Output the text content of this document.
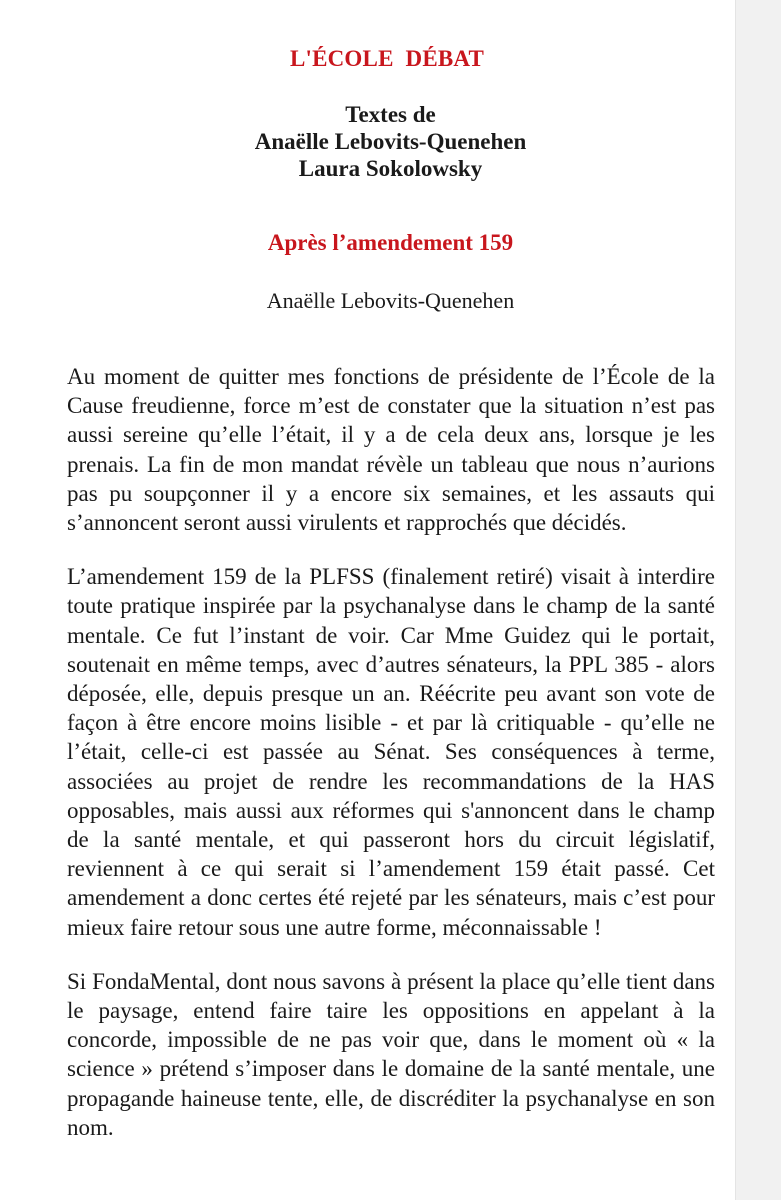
L'ÉCOLE  DÉBAT
Textes de
Anaëlle Lebovits-Quenehen
Laura Sokolowsky
Après l’amendement 159
Anaëlle Lebovits-Quenehen

Au moment de quitter mes fonctions de présidente de l’École de la Cause freudienne, force m’est de constater que la situation n’est pas aussi sereine qu’elle l’était, il y a de cela deux ans, lorsque je les prenais. La fin de mon mandat révèle un tableau que nous n’aurions pas pu soupçonner il y a encore six semaines, et les assauts qui s’annoncent seront aussi virulents et rapprochés que décidés.

L’amendement 159 de la PLFSS (finalement retiré) visait à interdire toute pratique inspirée par la psychanalyse dans le champ de la santé mentale. Ce fut l’instant de voir. Car Mme Guidez qui le portait, soutenait en même temps, avec d’autres sénateurs, la PPL 385 - alors déposée, elle, depuis presque un an. Réécrite peu avant son vote de façon à être encore moins lisible - et par là critiquable - qu’elle ne l’était, celle-ci est passée au Sénat. Ses conséquences à terme, associées au projet de rendre les recommandations de la HAS opposables, mais aussi aux réformes qui s'annoncent dans le champ de la santé mentale, et qui passeront hors du circuit législatif, reviennent à ce qui serait si l’amendement 159 était passé. Cet amendement a donc certes été rejeté par les sénateurs, mais c’est pour mieux faire retour sous une autre forme, méconnaissable !

Si FondaMental, dont nous savons à présent la place qu’elle tient dans le paysage, entend faire taire les oppositions en appelant à la concorde, impossible de ne pas voir que, dans le moment où « la science » prétend s’imposer dans le domaine de la santé mentale, une propagande haineuse tente, elle, de discréditer la psychanalyse en son nom.
